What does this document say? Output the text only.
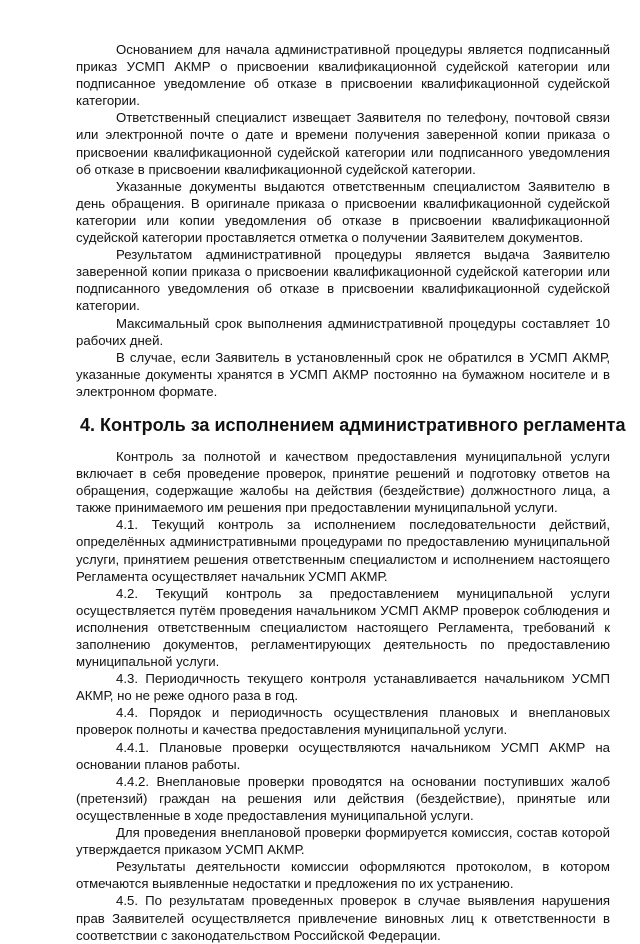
Основанием для начала административной процедуры является подписанный приказ УСМП АКМР о присвоении квалификационной судейской категории или подписанное уведомление об отказе в присвоении квалификационной судейской категории.

Ответственный специалист извещает Заявителя по телефону, почтовой связи или электронной почте о дате и времени получения заверенной копии приказа о присвоении квалификационной судейской категории или подписанного уведомления об отказе в присвоении квалификационной судейской категории.

Указанные документы выдаются ответственным специалистом Заявителю в день обращения. В оригинале приказа о присвоении квалификационной судейской категории или копии уведомления об отказе в присвоении квалификационной судейской категории проставляется отметка о получении Заявителем документов.

Результатом административной процедуры является выдача Заявителю заверенной копии приказа о присвоении квалификационной судейской категории или подписанного уведомления об отказе в присвоении квалификационной судейской категории.

Максимальный срок выполнения административной процедуры составляет 10 рабочих дней.

В случае, если Заявитель в установленный срок не обратился в УСМП АКМР, указанные документы хранятся в УСМП АКМР постоянно на бумажном носителе и в электронном формате.

4. Контроль за исполнением административного регламента

Контроль за полнотой и качеством предоставления муниципальной услуги включает в себя проведение проверок, принятие решений и подготовку ответов на обращения, содержащие жалобы на действия (бездействие) должностного лица, а также принимаемого им решения при предоставлении муниципальной услуги.

4.1. Текущий контроль за исполнением последовательности действий, определённых административными процедурами по предоставлению муниципальной услуги, принятием решения ответственным специалистом и исполнением настоящего Регламента осуществляет начальник УСМП АКМР.

4.2. Текущий контроль за предоставлением муниципальной услуги осуществляется путём проведения начальником УСМП АКМР проверок соблюдения и исполнения ответственным специалистом настоящего Регламента, требований к заполнению документов, регламентирующих деятельность по предоставлению муниципальной услуги.

4.3. Периодичность текущего контроля устанавливается начальником УСМП АКМР, но не реже одного раза в год.

4.4. Порядок и периодичность осуществления плановых и внеплановых проверок полноты и качества предоставления муниципальной услуги.

4.4.1. Плановые проверки осуществляются начальником УСМП АКМР на основании планов работы.

4.4.2. Внеплановые проверки проводятся на основании поступивших жалоб (претензий) граждан на решения или действия (бездействие), принятые или осуществленные в ходе предоставления муниципальной услуги.

Для проведения внеплановой проверки формируется комиссия, состав которой утверждается приказом УСМП АКМР.

Результаты деятельности комиссии оформляются протоколом, в котором отмечаются выявленные недостатки и предложения по их устранению.

4.5. По результатам проведенных проверок в случае выявления нарушения прав Заявителей осуществляется привлечение виновных лиц к ответственности в соответствии с законодательством Российской Федерации.
